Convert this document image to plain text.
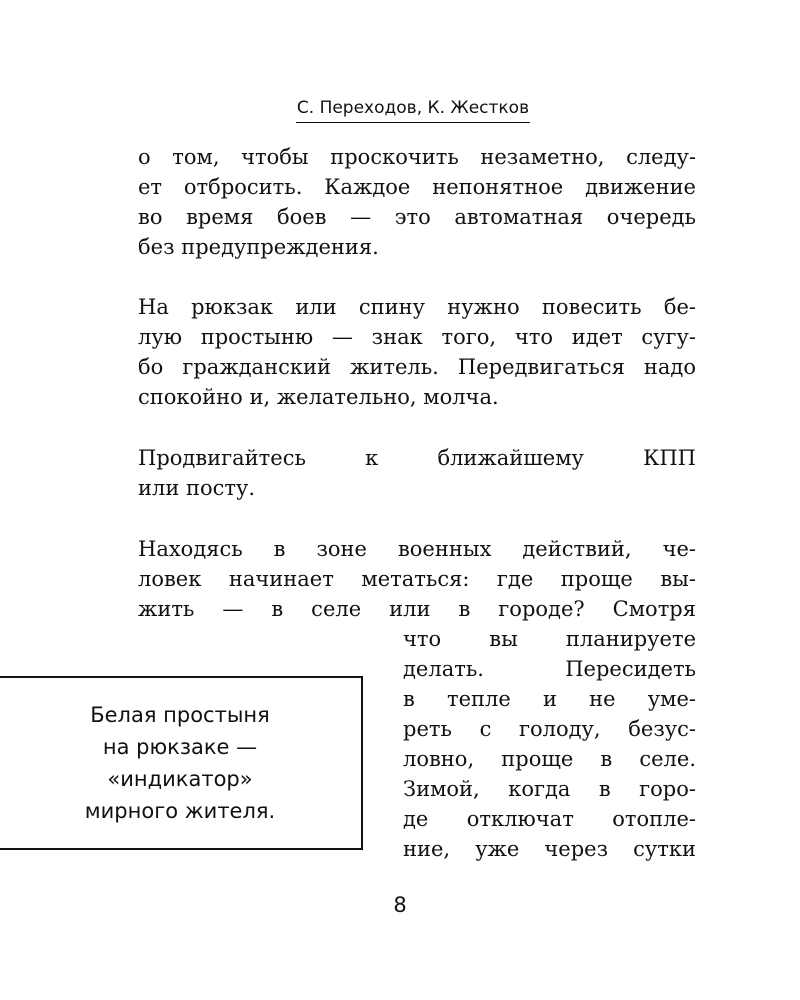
С. Переходов, К. Жестков
о том, чтобы проскочить незаметно, следу-
ет отбросить. Каждое непонятное движение
во время боев — это автоматная очередь
без предупреждения.
На рюкзак или спину нужно повесить бе-
лую простыню — знак того, что идет сугу-
бо гражданский житель. Передвигаться надо
спокойно и, желательно, молча.
Продвигайтесь к ближайшему КПП
или посту.
Находясь в зоне военных действий, че-
ловек начинает метаться: где проще вы-
жить — в селе или в городе? Смотря
что вы планируете
делать. Пересидеть
в тепле и не уме-
реть с голоду, безус-
ловно, проще в селе.
Зимой, когда в горо-
де отключат отопле-
ние, уже через сутки
Белая простыня
на рюкзаке —
«индикатор»
мирного жителя.
8
